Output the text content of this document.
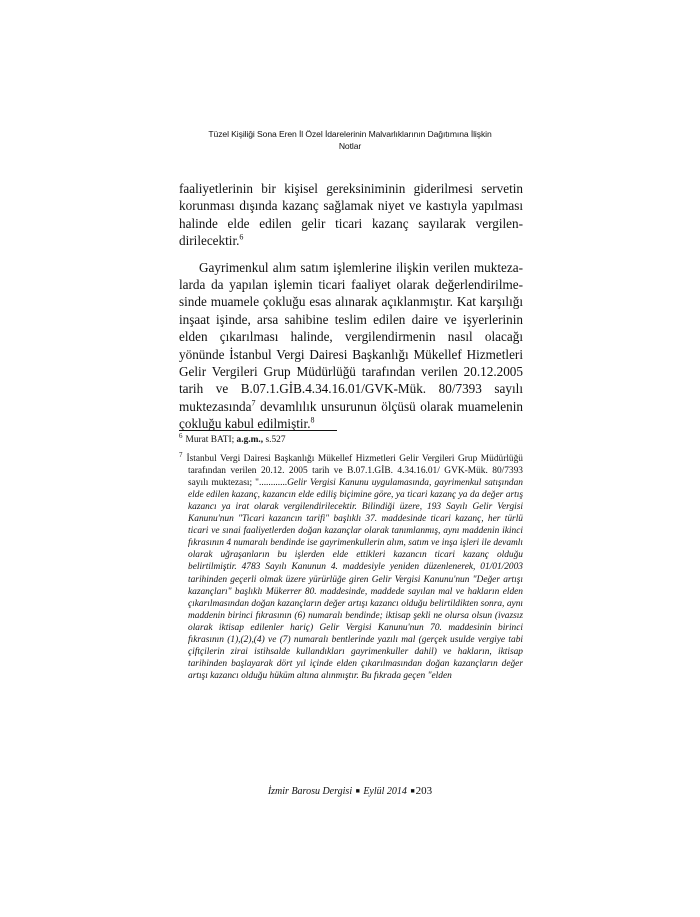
Tüzel Kişiliği Sona Eren İl Özel İdarelerinin Malvarlıklarının Dağıtımına İlişkin
Notlar

faaliyetlerinin bir kişisel gereksiniminin giderilmesi servetin korunması dışında kazanç sağlamak niyet ve kastıyla yapılması halinde elde edilen gelir ticari kazanç sayılarak vergilen-dirilecektir.$^6$

Gayrimenkul alım satım işlemlerine ilişkin verilen mukteza-larda da yapılan işlemin ticari faaliyet olarak değerlendirilme-sinde muamele çokluğu esas alınarak açıklanmıştır. Kat karşılığı inşaat işinde, arsa sahibine teslim edilen daire ve işyerlerinin elden çıkarılması halinde, vergilendirmenin nasıl olacağı yönünde İstanbul Vergi Dairesi Başkanlığı Mükellef Hizmetleri Gelir Vergileri Grup Müdürlüğü tarafından verilen 20.12.2005 tarih ve B.07.1.GİB.4.34.16.01/GVK-Mük. 80/7393 sayılı muktezasında$^7$ devamlılık unsurunun ölçüsü olarak muamelenin çokluğu kabul edilmiştir.$^8$

$^6$ Murat BATI; a.g.m., s.527

$^7$ İstanbul Vergi Dairesi Başkanlığı Mükellef Hizmetleri Gelir Vergileri Grup Müdürlüğü tarafından verilen 20.12. 2005 tarih ve B.07.1.GİB. 4.34.16.01/ GVK-Mük. 80/7393 sayılı muktezası; "............Gelir Vergisi Kanunu uygulamasında, gayrimenkul satışından elde edilen kazanç, kazancın elde ediliş biçimine göre, ya ticari kazanç ya da değer artış kazancı ya irat olarak vergilendirilecektir. Bilindiği üzere, 193 Sayılı Gelir Vergisi Kanunu'nun "Ticari kazancın tarifi" başlıklı 37. maddesinde ticari kazanç, her türlü ticari ve sınai faaliyetlerden doğan kazançlar olarak tanımlanmış, aynı maddenin ikinci fıkrasının 4 numaralı bendinde ise gayrimenkullerin alım, satım ve inşa işleri ile devamlı olarak uğraşanların bu işlerden elde ettikleri kazancın ticari kazanç olduğu belirtilmiştir. 4783 Sayılı Kanunun 4. maddesiyle yeniden düzenlenerek, 01/01/2003 tarihinden geçerli olmak üzere yürürlüğe giren Gelir Vergisi Kanunu'nun "Değer artışı kazançları" başlıklı Mükerrer 80. maddesinde, maddede sayılan mal ve hakların elden çıkarılmasından doğan kazançların değer artışı kazancı olduğu belirtildikten sonra, aynı maddenin birinci fıkrasının (6) numaralı bendinde; iktisap şekli ne olursa olsun (ivazsız olarak iktisap edilenler hariç) Gelir Vergisi Kanunu'nun 70. maddesinin birinci fıkrasının (1),(2),(4) ve (7) numaralı bentlerinde yazılı mal (gerçek usulde vergiye tabi çiftçilerin zirai istihsalde kullandıkları gayrimenkuller dahil) ve hakların, iktisap tarihinden başlayarak dört yıl içinde elden çıkarılmasından doğan kazançların değer artışı kazancı olduğu hüküm altına alınmıştır. Bu fıkrada geçen "elden

İzmir Barosu Dergisi ■ Eylül 2014 ■203
